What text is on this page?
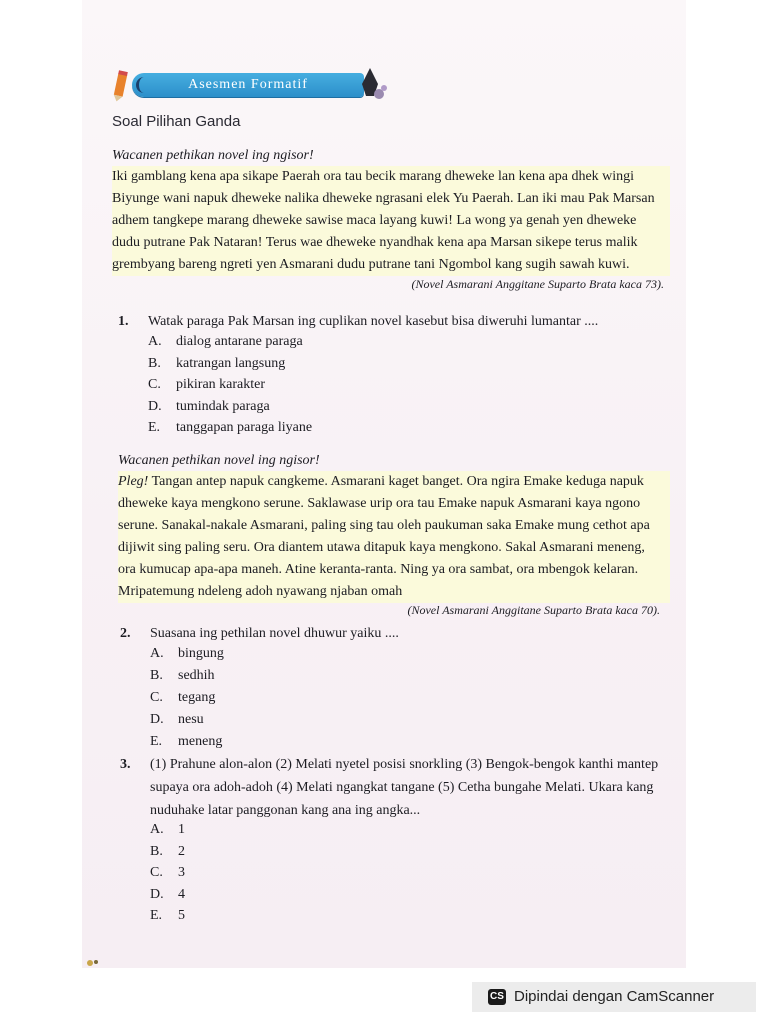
Asesmen Formatif
Soal Pilihan Ganda
Wacanen pethikan novel ing ngisor!
Iki gamblang kena apa sikape Paerah ora tau becik marang dheweke lan kena apa dhek wingi
Biyunge wani napuk dheweke nalika dheweke ngrasani elek Yu Paerah. Lan iki mau Pak Marsan
adhem tangkepe marang dheweke sawise maca layang kuwi! La wong ya genah yen dheweke
dudu putrane Pak Nataran! Terus wae dheweke nyandhak kena apa Marsan sikepe terus malik
grembyang bareng ngreti yen Asmarani dudu putrane tani Ngombol kang sugih sawah kuwi.
(Novel Asmarani Anggitane Suparto Brata kaca 73).
1. Watak paraga Pak Marsan ing cuplikan novel kasebut bisa diweruhi lumantar ....
A. dialog antarane paraga
B. katrangan langsung
C. pikiran karakter
D. tumindak paraga
E. tanggapan paraga liyane
Wacanen pethikan novel ing ngisor!
Pleg! Tangan antep napuk cangkeme. Asmarani kaget banget. Ora ngira Emake keduga napuk
dheweke kaya mengkono serune. Saklawase urip ora tau Emake napuk Asmarani kaya ngono
serune. Sanakal-nakale Asmarani, paling sing tau oleh paukuman saka Emake mung cethot apa
dijiwit sing paling seru. Ora diantem utawa ditapuk kaya mengkono. Sakal Asmarani meneng,
ora kumucap apa-apa maneh. Atine keranta-ranta. Ning ya ora sambat, ora mbengok kelaran.
Mripatemung ndeleng adoh nyawang njaban omah
(Novel Asmarani Anggitane Suparto Brata kaca 70).
2. Suasana ing pethilan novel dhuwur yaiku ....
A. bingung
B. sedhih
C. tegang
D. nesu
E. meneng
3. (1) Prahune alon-alon (2) Melati nyetel posisi snorkling (3) Bengok-bengok kanthi mantep
supaya ora adoh-adoh (4) Melati ngangkat tangane (5) Cetha bungahe Melati. Ukara kang
nuduhake latar panggonan kang ana ing angka...
A. 1
B. 2
C. 3
D. 4
E. 5
CS Dipindai dengan CamScanner
